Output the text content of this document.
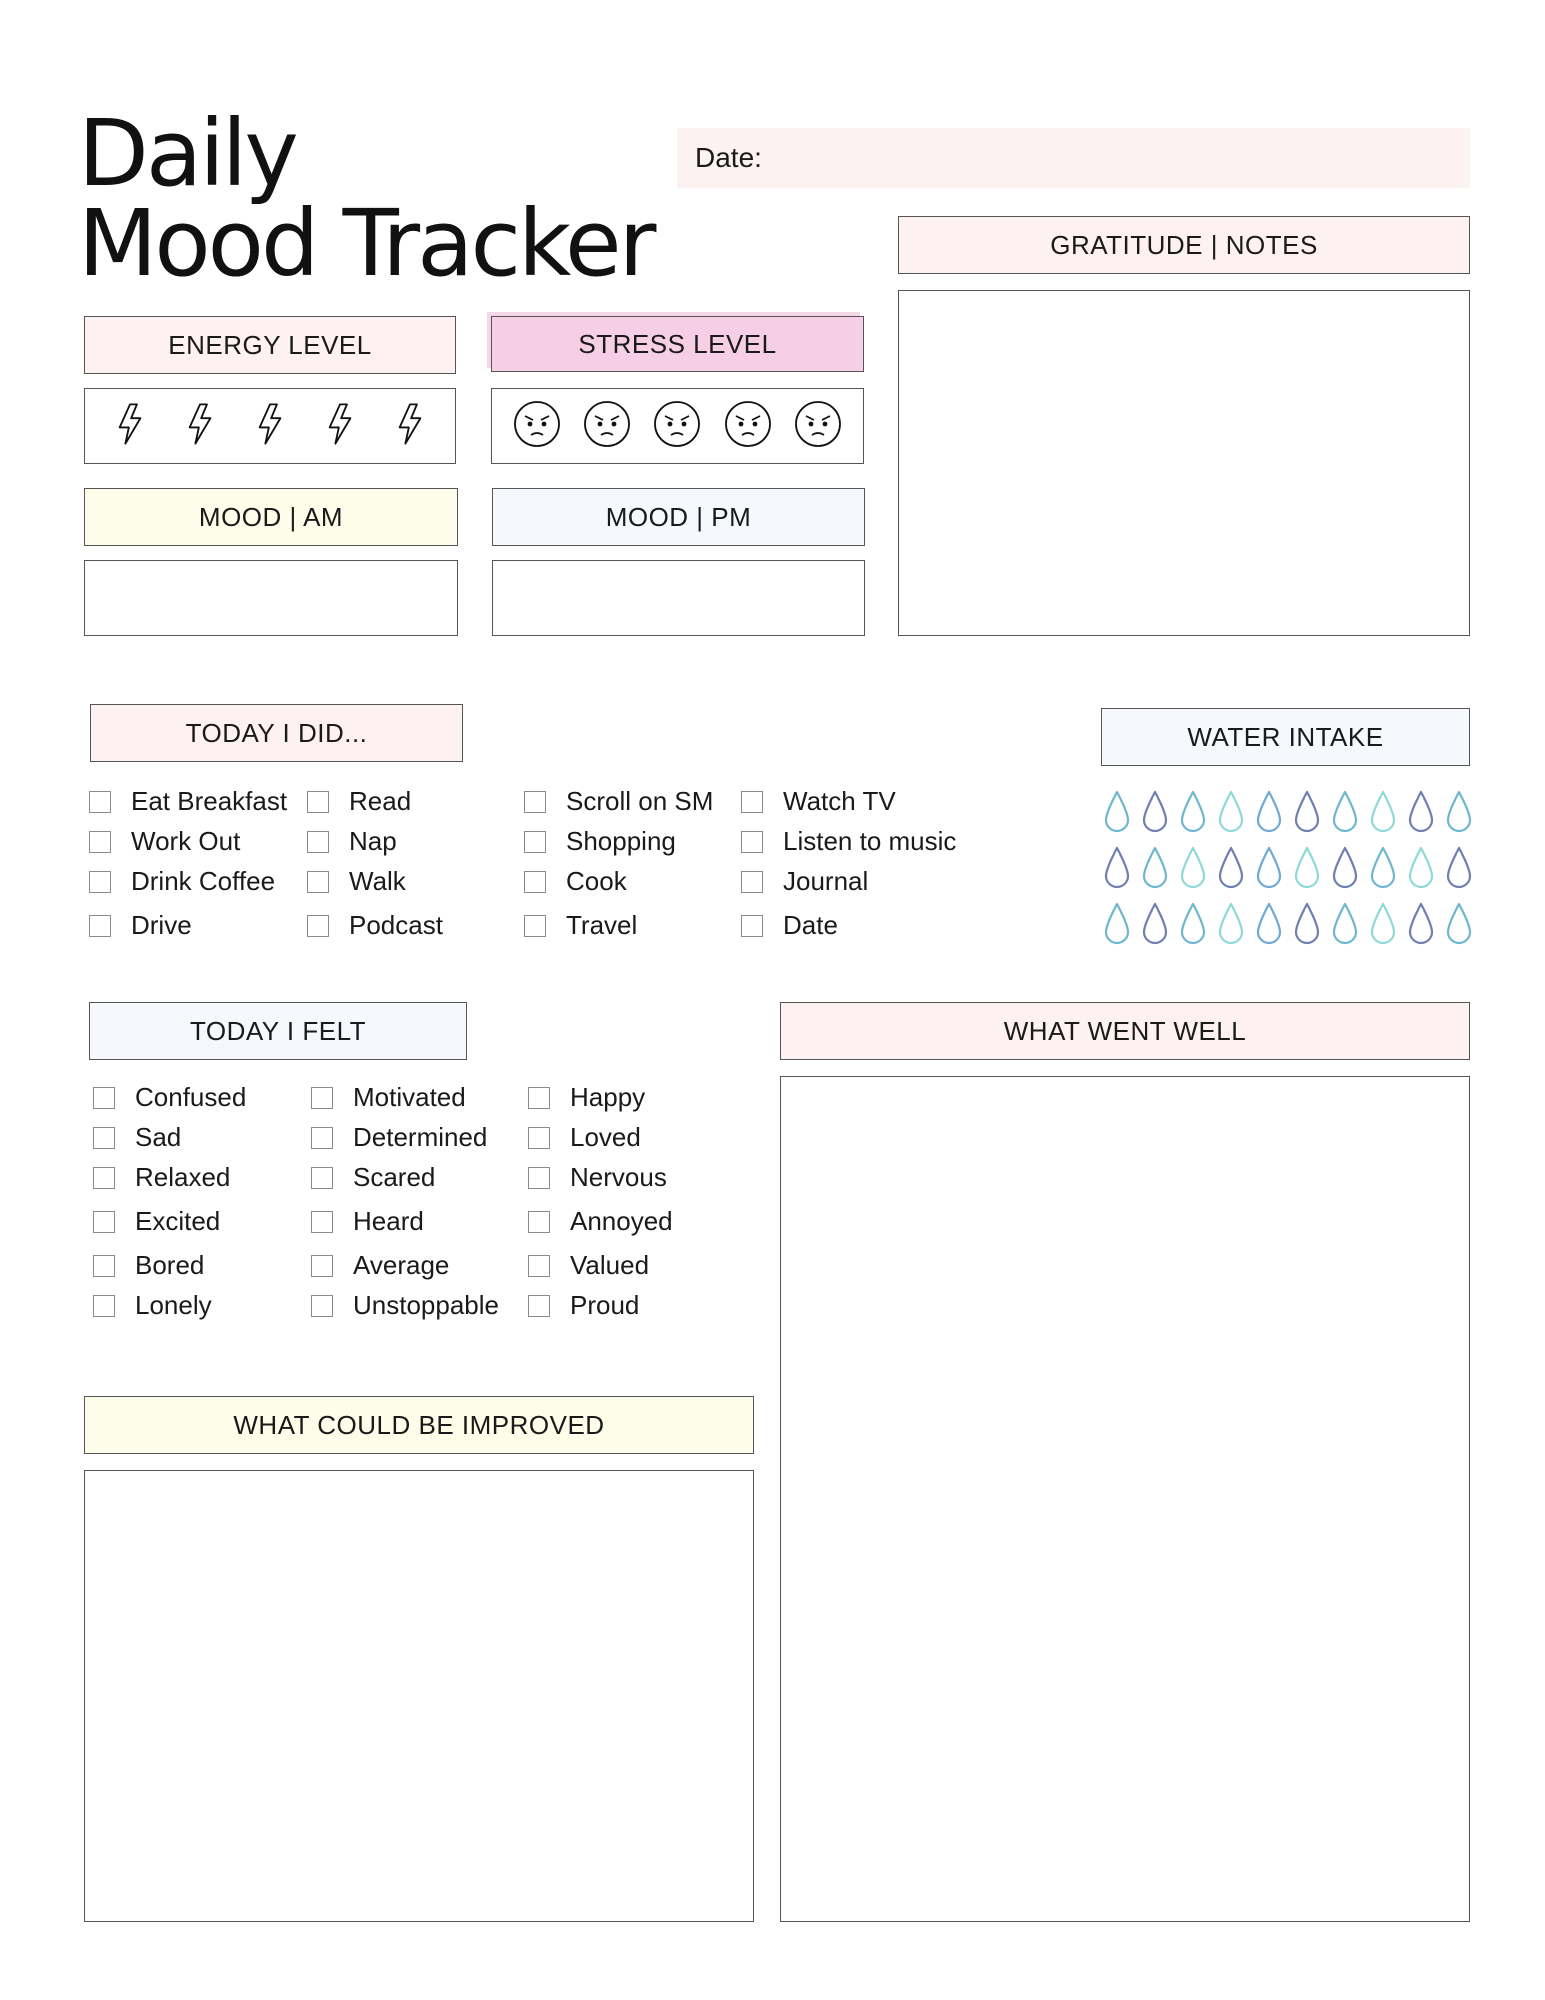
Daily
Mood Tracker
Date:
GRATITUDE | NOTES
ENERGY LEVEL	STRESS LEVEL
MOOD | AM	MOOD | PM
TODAY I DID...
Eat Breakfast
Work Out
Drink Coffee
Drive
Read
Nap
Walk
Podcast
Scroll on SM
Shopping
Cook
Travel
Watch TV
Listen to music
Journal
Date
WATER INTAKE
TODAY I FELT
Confused
Sad
Relaxed
Excited
Bored
Lonely
Motivated
Determined
Scared
Heard
Average
Unstoppable
Happy
Loved
Nervous
Annoyed
Valued
Proud
WHAT WENT WELL
WHAT COULD BE IMPROVED
